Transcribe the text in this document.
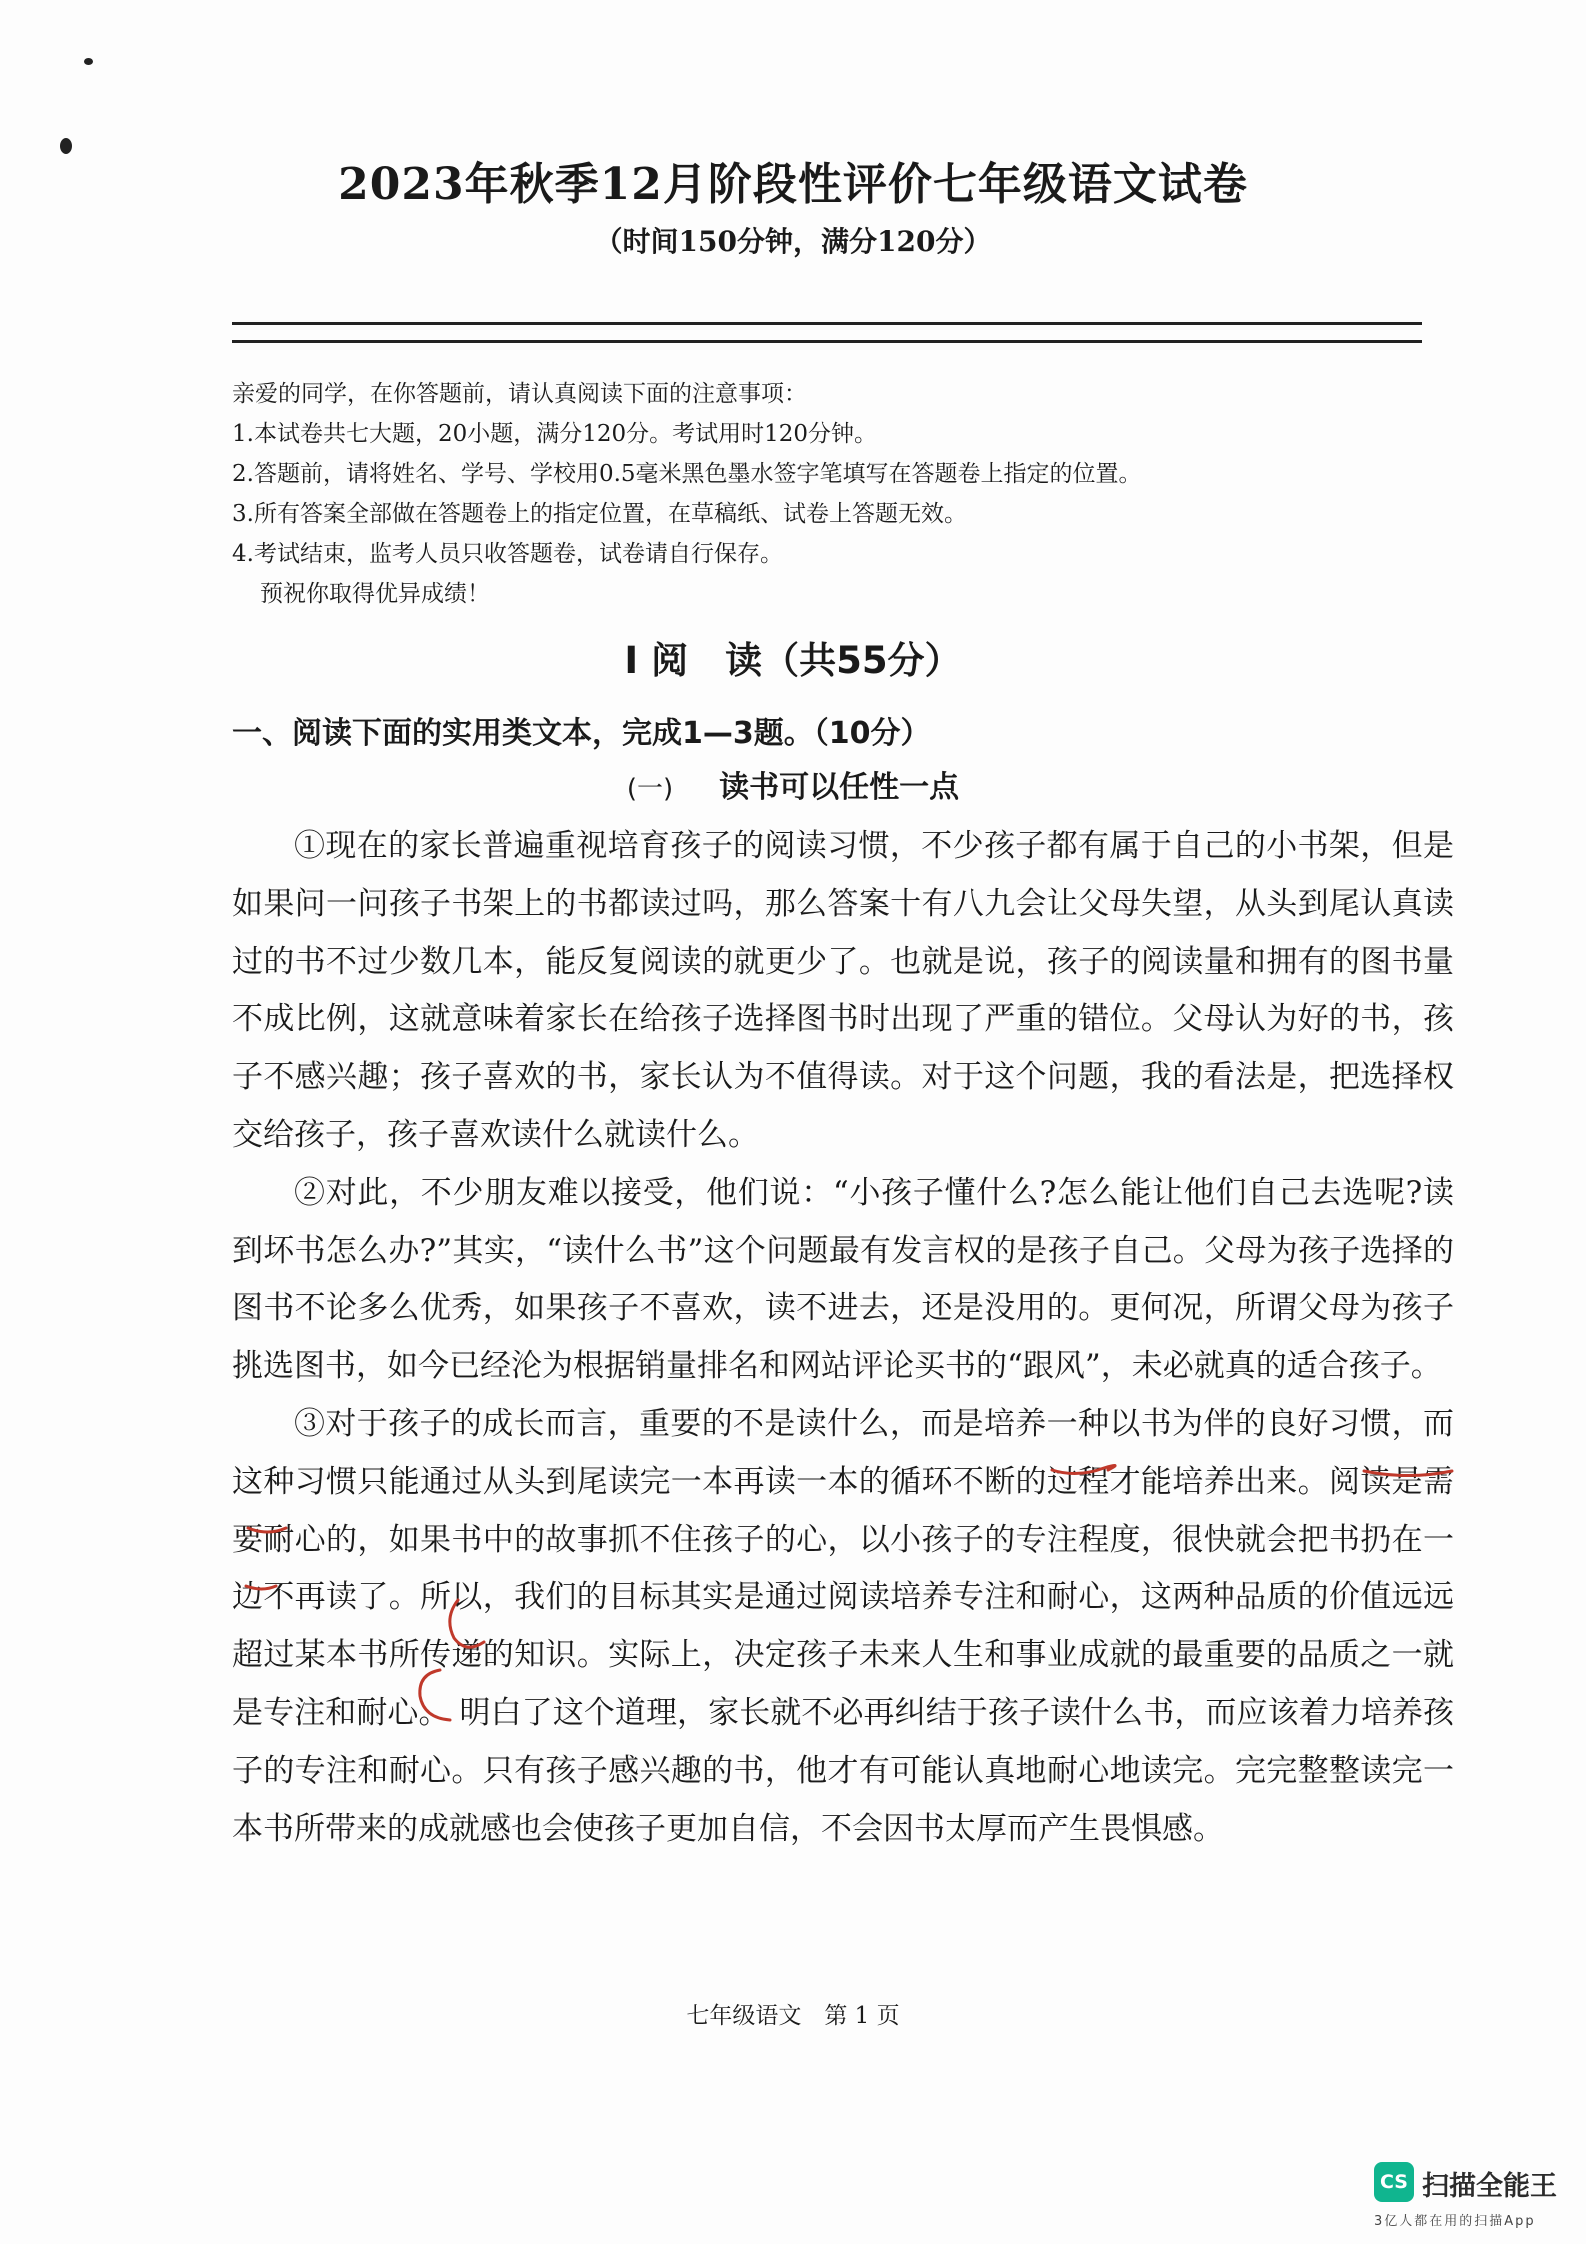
2023年秋季12月阶段性评价七年级语文试卷
（时间150分钟，满分120分）
亲爱的同学，在你答题前，请认真阅读下面的注意事项：
1.本试卷共七大题，20小题，满分120分。考试用时120分钟。
2.答题前，请将姓名、学号、学校用0.5毫米黑色墨水签字笔填写在答题卷上指定的位置。
3.所有答案全部做在答题卷上的指定位置，在草稿纸、试卷上答题无效。
4.考试结束，监考人员只收答题卷，试卷请自行保存。
预祝你取得优异成绩！
I 阅　读（共55分）
一、阅读下面的实用类文本，完成1—3题。（10分）
(一) 读书可以任性一点

①现在的家长普遍重视培育孩子的阅读习惯，不少孩子都有属于自己的小书架，但是如果问一问孩子书架上的书都读过吗，那么答案十有八九会让父母失望，从头到尾认真读过的书不过少数几本，能反复阅读的就更少了。也就是说，孩子的阅读量和拥有的图书量不成比例，这就意味着家长在给孩子选择图书时出现了严重的错位。父母认为好的书，孩子不感兴趣；孩子喜欢的书，家长认为不值得读。对于这个问题，我的看法是，把选择权交给孩子，孩子喜欢读什么就读什么。

②对此，不少朋友难以接受，他们说：“小孩子懂什么?怎么能让他们自己去选呢?读到坏书怎么办?”其实，“读什么书”这个问题最有发言权的是孩子自己。父母为孩子选择的图书不论多么优秀，如果孩子不喜欢，读不进去，还是没用的。更何况，所谓父母为孩子挑选图书，如今已经沦为根据销量排名和网站评论买书的“跟风”，未必就真的适合孩子。

③对于孩子的成长而言，重要的不是读什么，而是培养一种以书为伴的良好习惯，而这种习惯只能通过从头到尾读完一本再读一本的循环不断的过程才能培养出来。阅读是需要耐心的，如果书中的故事抓不住孩子的心，以小孩子的专注程度，很快就会把书扔在一边不再读了。所以，我们的目标其实是通过阅读培养专注和耐心，这两种品质的价值远远超过某本书所传递的知识。实际上，决定孩子未来人生和事业成就的最重要的品质之一就是专注和耐心。 明白了这个道理，家长就不必再纠结于孩子读什么书，而应该着力培养孩子的专注和耐心。只有孩子感兴趣的书，他才有可能认真地耐心地读完。完完整整读完一本书所带来的成就感也会使孩子更加自信，不会因书太厚而产生畏惧感。

七年级语文　第 1 页
CS 扫描全能王
3亿人都在用的扫描App
